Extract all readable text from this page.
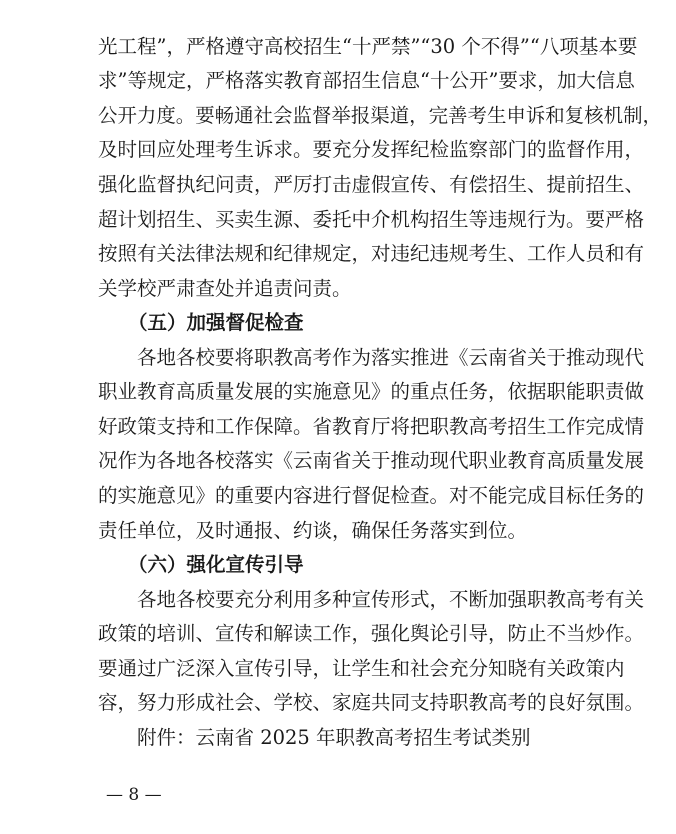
光工程”，严格遵守高校招生“十严禁”“30 个不得”“八项基本要
求”等规定，严格落实教育部招生信息“十公开”要求，加大信息
公开力度。要畅通社会监督举报渠道，完善考生申诉和复核机制，
及时回应处理考生诉求。要充分发挥纪检监察部门的监督作用，
强化监督执纪问责，严厉打击虚假宣传、有偿招生、提前招生、
超计划招生、买卖生源、委托中介机构招生等违规行为。要严格
按照有关法律法规和纪律规定，对违纪违规考生、工作人员和有
关学校严肃查处并追责问责。
（五）加强督促检查
各地各校要将职教高考作为落实推进《云南省关于推动现代
职业教育高质量发展的实施意见》的重点任务，依据职能职责做
好政策支持和工作保障。省教育厅将把职教高考招生工作完成情
况作为各地各校落实《云南省关于推动现代职业教育高质量发展
的实施意见》的重要内容进行督促检查。对不能完成目标任务的
责任单位，及时通报、约谈，确保任务落实到位。
（六）强化宣传引导
各地各校要充分利用多种宣传形式，不断加强职教高考有关
政策的培训、宣传和解读工作，强化舆论引导，防止不当炒作。
要通过广泛深入宣传引导，让学生和社会充分知晓有关政策内
容，努力形成社会、学校、家庭共同支持职教高考的良好氛围。
附件：云南省 2025 年职教高考招生考试类别
— 8 —
